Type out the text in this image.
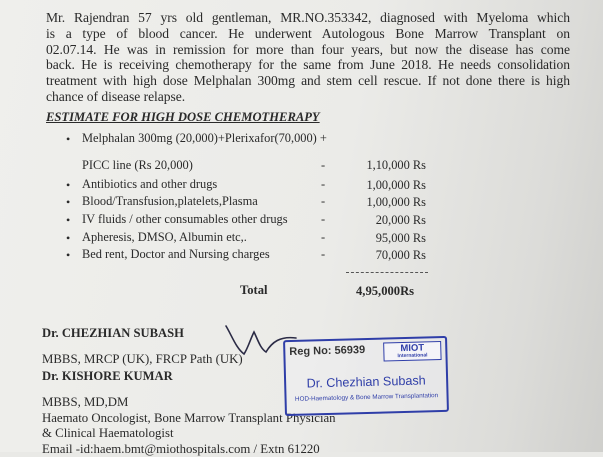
Mr. Rajendran 57 yrs old gentleman, MR.NO.353342, diagnosed with Myeloma which
is a type of blood cancer. He underwent Autologous Bone Marrow Transplant on
02.07.14. He was in remission for more than four years, but now the disease has come
back. He is receiving chemotherapy for the same from June 2018. He needs consolidation
treatment with high dose Melphalan 300mg and stem cell rescue. If not done there is high
chance of disease relapse.
ESTIMATE FOR HIGH DOSE CHEMOTHERAPY
• Melphalan 300mg (20,000)+Plerixafor(70,000) +
PICC line (Rs 20,000)	-	1,10,000 Rs
• Antibiotics and other drugs	-	1,00,000 Rs
• Blood/Transfusion,platelets,Plasma	-	1,00,000 Rs
• IV fluids / other consumables other drugs	-	20,000 Rs
• Apheresis, DMSO, Albumin etc,.	-	95,000 Rs
• Bed rent, Doctor and Nursing charges	-	70,000 Rs
Total	4,95,000Rs
Dr. CHEZHIAN SUBASH
MBBS, MRCP (UK), FRCP Path (UK)
Dr. KISHORE KUMAR
MBBS, MD,DM
Haemato Oncologist, Bone Marrow Transplant Physician
& Clinical Haematologist
Email -id:haem.bmt@miothospitals.com / Extn 61220
Reg No: 56939	MIOT
International
Dr. Chezhian Subash
HOD-Haematology & Bone Marrow Transplantation
